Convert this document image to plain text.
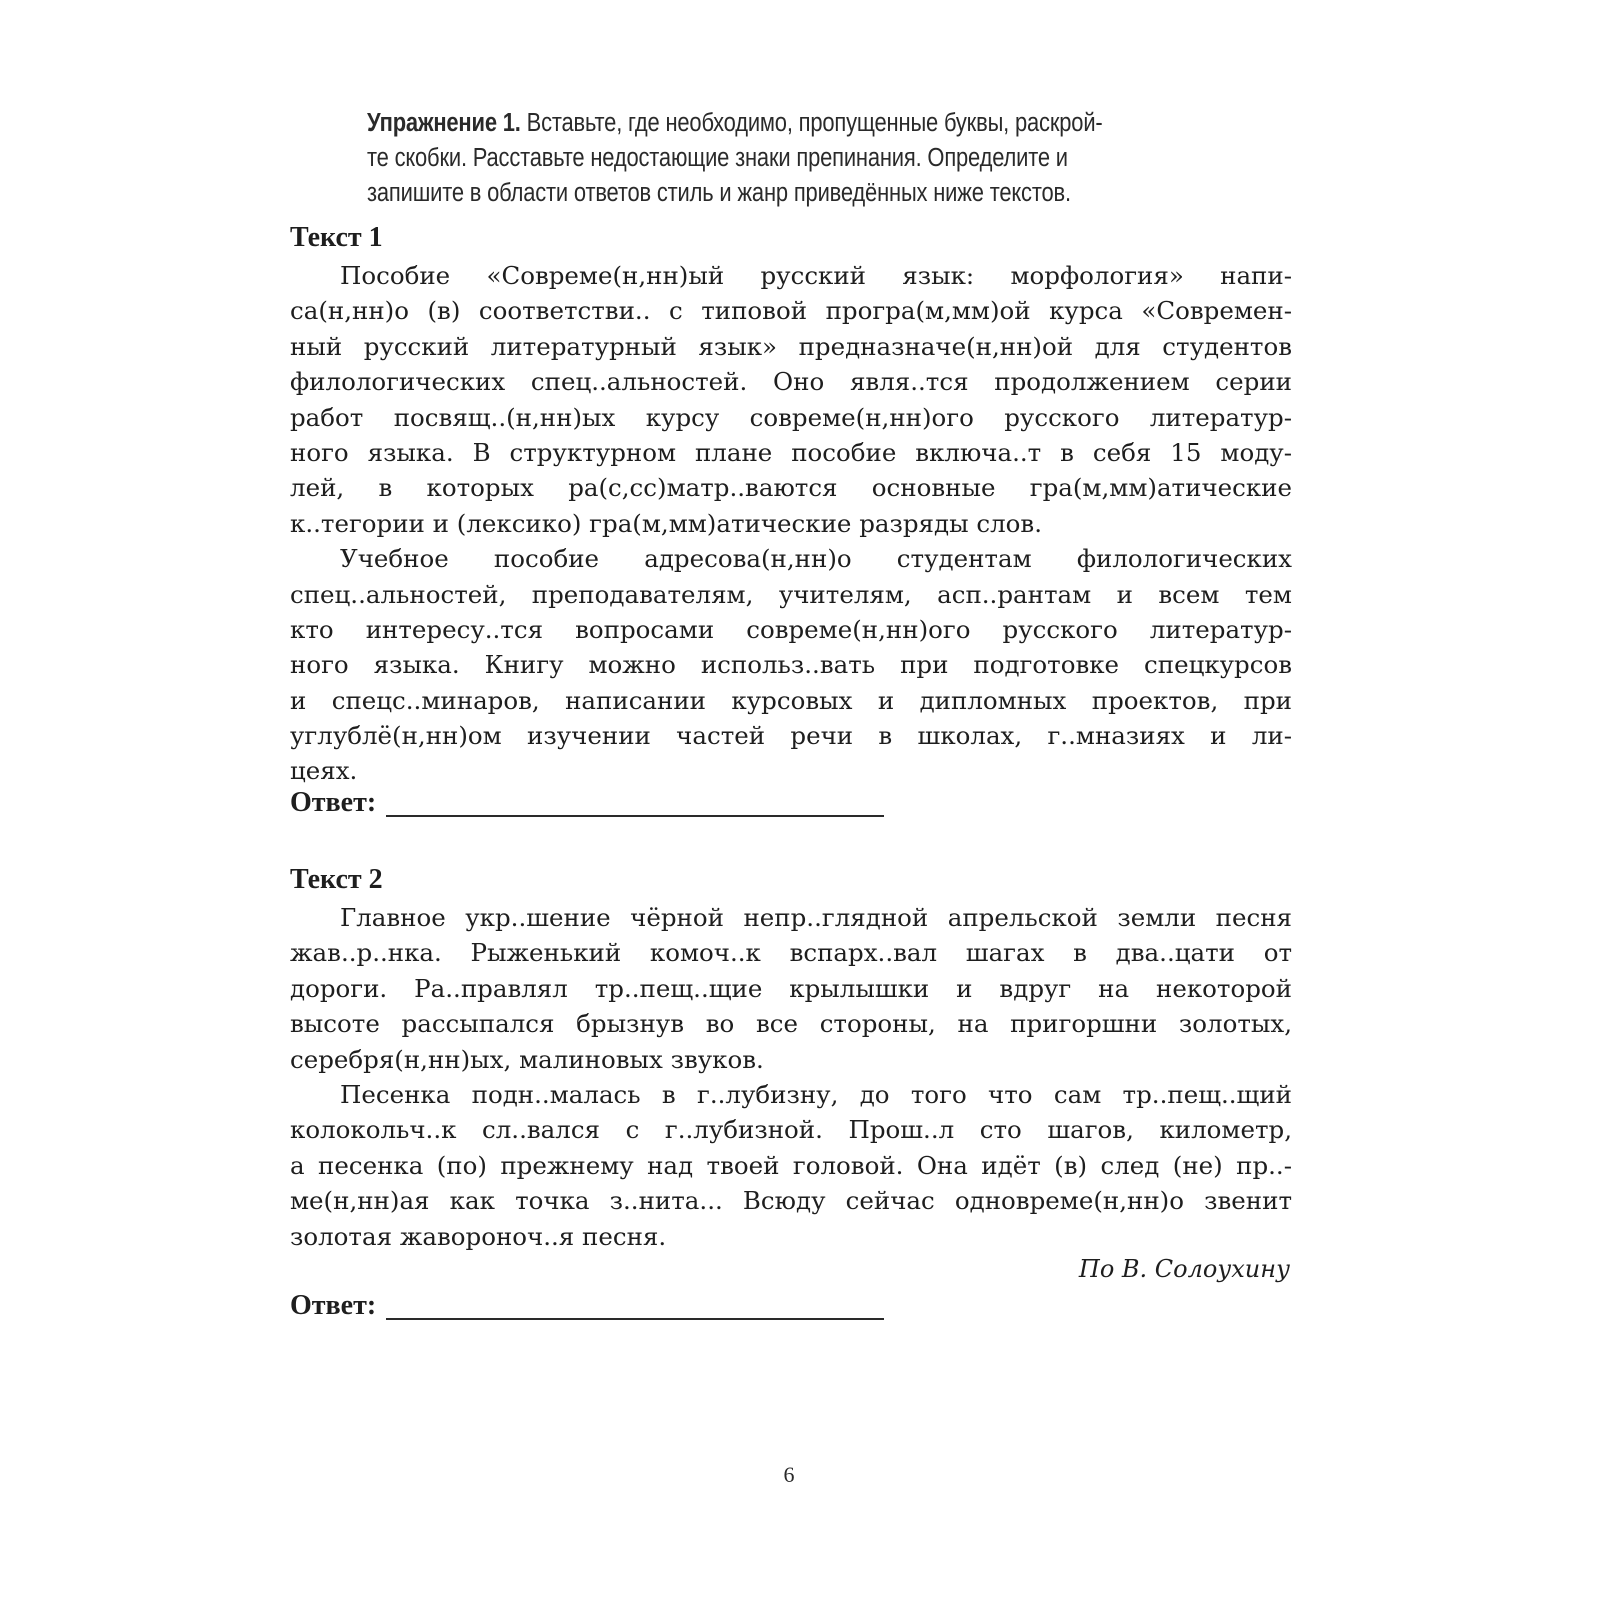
Упражнение 1. Вставьте, где необходимо, пропущенные буквы, раскрой-
те скобки. Расставьте недостающие знаки препинания. Определите и
запишите в области ответов стиль и жанр приведённых ниже текстов.
Текст 1
Пособие «Совреме(н,нн)ый русский язык: морфология» напи-
са(н,нн)о (в) соответстви.. с типовой програ(м,мм)ой курса «Современ-
ный русский литературный язык» предназначе(н,нн)ой для студентов
филологических спец..альностей. Оно явля..тся продолжением серии
работ посвящ..(н,нн)ых курсу совреме(н,нн)ого русского литератур-
ного языка. В структурном плане пособие включа..т в себя 15 моду-
лей, в которых ра(с,сс)матр..ваются основные гра(м,мм)атические
к..тегории и (лексико) гра(м,мм)атические разряды слов.
Учебное пособие адресова(н,нн)о студентам филологических
спец..альностей, преподавателям, учителям, асп..рантам и всем тем
кто интересу..тся вопросами совреме(н,нн)ого русского литератур-
ного языка. Книгу можно использ..вать при подготовке спецкурсов
и спецс..минаров, написании курсовых и дипломных проектов, при
углублё(н,нн)ом изучении частей речи в школах, г..мназиях и ли-
цеях.
Ответ:
Текст 2
Главное укр..шение чёрной непр..глядной апрельской земли песня
жав..р..нка. Рыженький комоч..к вспарх..вал шагах в два..цати от
дороги. Ра..правлял тр..пещ..щие крылышки и вдруг на некоторой
высоте рассыпался брызнув во все стороны, на пригоршни золотых,
серебря(н,нн)ых, малиновых звуков.
Песенка подн..малась в г..лубизну, до того что сам тр..пещ..щий
колокольч..к сл..вался с г..лубизной. Прош..л сто шагов, километр,
а песенка (по) прежнему над твоей головой. Она идёт (в) след (не) пр..-
ме(н,нн)ая как точка з..нита... Всюду сейчас одновреме(н,нн)о звенит
золотая жавороноч..я песня.
По В. Солоухину
Ответ:
6
